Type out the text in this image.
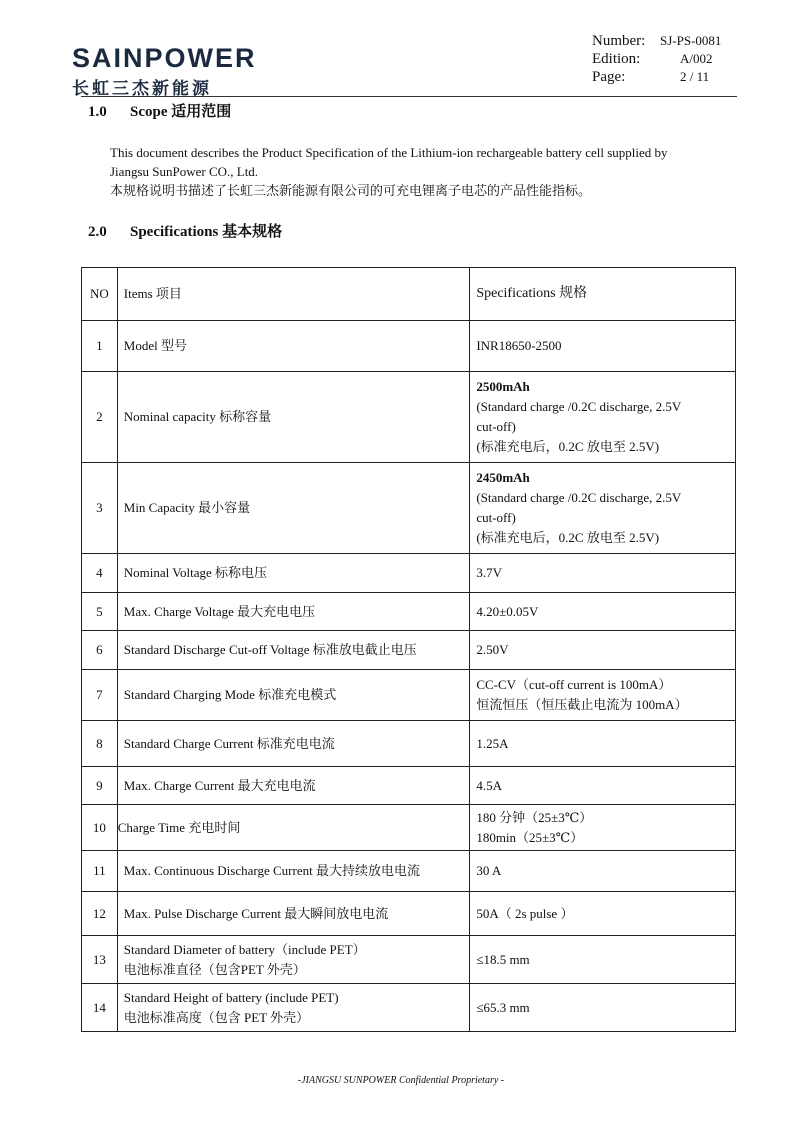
SAINPOWER
长虹三杰新能源
Number:	SJ-PS-0081
Edition:	A/002
Page:	2 / 11
1.0 Scope 适用范围
This document describes the Product Specification of the Lithium-ion rechargeable battery cell supplied by
Jiangsu SunPower CO., Ltd.
本规格说明书描述了长虹三杰新能源有限公司的可充电锂离子电芯的产品性能指标。
2.0 Specifications 基本规格
NO	Items 项目	Specifications 规格
1	Model 型号	INR18650-2500
2	Nominal capacity 标称容量	2500mAh
(Standard charge /0.2C discharge, 2.5V
cut-off)
(标准充电后，0.2C 放电至 2.5V)

3	Min Capacity 最小容量	2450mAh
(Standard charge /0.2C discharge, 2.5V
cut-off)
(标准充电后，0.2C 放电至 2.5V)

4	Nominal Voltage 标称电压	3.7V
5	Max. Charge Voltage 最大充电电压	4.20±0.05V
6	Standard Discharge Cut-off Voltage 标准放电截止电压	2.50V
7	Standard Charging Mode 标准充电模式	CC-CV（cut-off current is 100mA）
恒流恒压（恒压截止电流为 100mA）

8	Standard Charge Current 标准充电电流	1.25A
9	Max. Charge Current 最大充电电流	4.5A
10	Charge Time 充电时间	180 分钟（25±3℃）
180min（25±3℃）

11	Max. Continuous Discharge Current 最大持续放电电流	30 A
12	Max. Pulse Discharge Current 最大瞬间放电电流	50A（ 2s pulse ）
13	Standard Diameter of battery（include PET）
电池标准直径（包含PET 外壳）	≤18.5 mm
14	Standard Height of battery (include PET)
电池标准高度（包含 PET 外壳）	≤65.3 mm
-JIANGSU SUNPOWER Confidential Proprietary -
